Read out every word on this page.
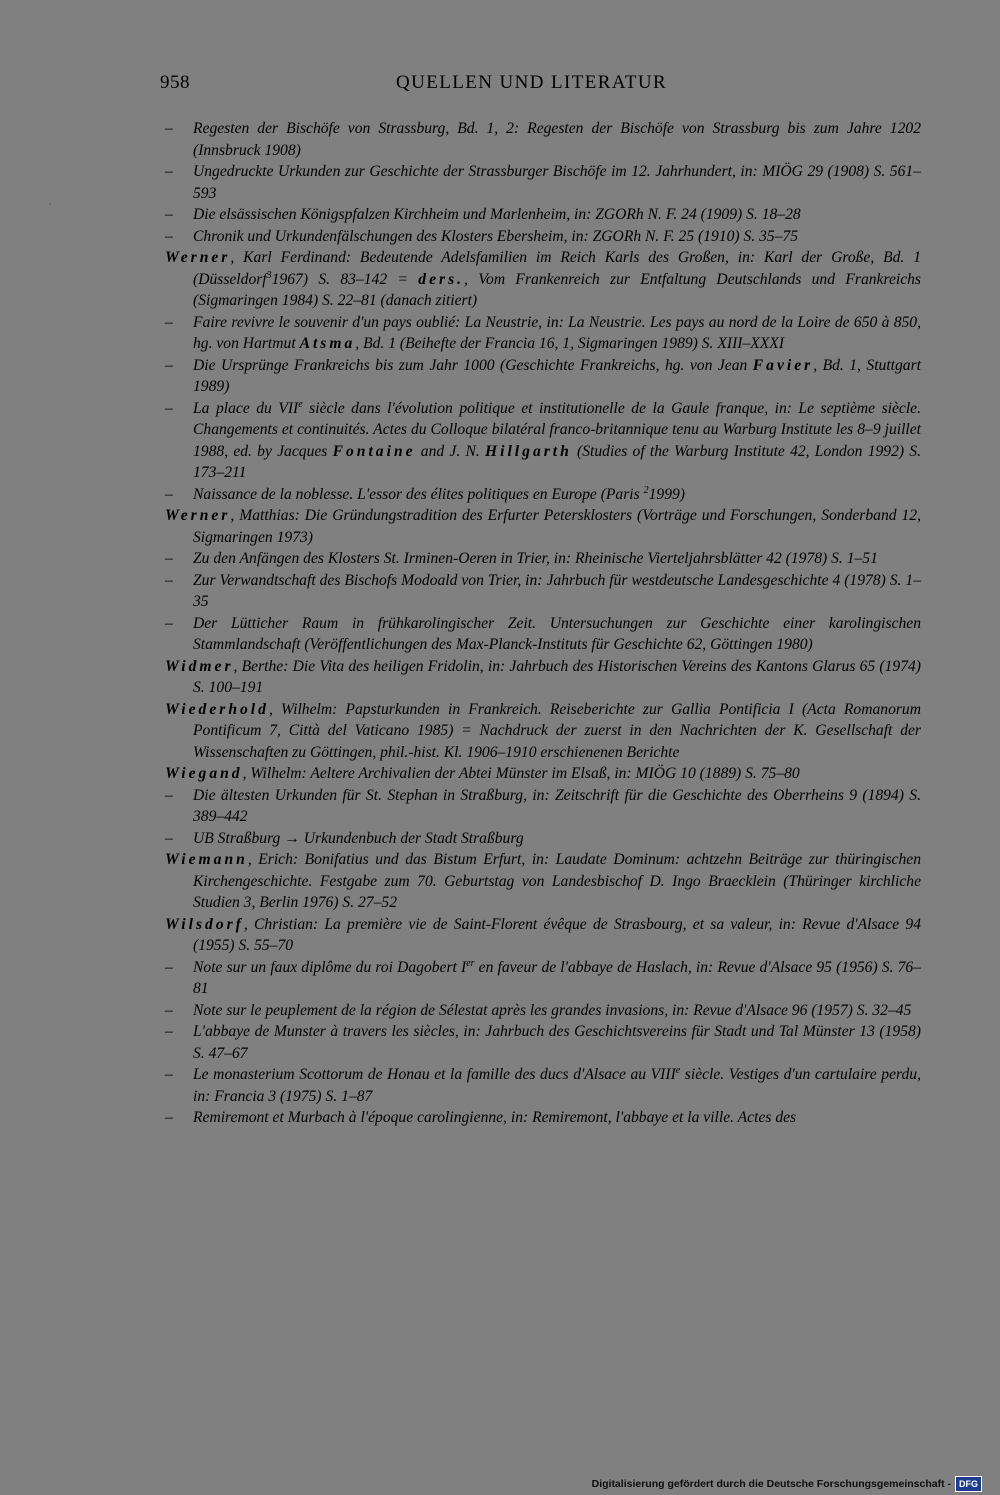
958	QUELLEN UND LITERATUR

– Regesten der Bischöfe von Strassburg, Bd. 1, 2: Regesten der Bischöfe von Strassburg bis zum Jahre 1202 (Innsbruck 1908)

– Ungedruckte Urkunden zur Geschichte der Strassburger Bischöfe im 12. Jahrhundert, in: MIÖG 29 (1908) S. 561–593

– Die elsässischen Königspfalzen Kirchheim und Marlenheim, in: ZGORh N. F. 24 (1909) S. 18–28

– Chronik und Urkundenfälschungen des Klosters Ebersheim, in: ZGORh N. F. 25 (1910) S. 35–75

Werner, Karl Ferdinand: Bedeutende Adelsfamilien im Reich Karls des Großen, in: Karl der Große, Bd. 1 (Düsseldorf$^3$1967) S. 83–142 = ders., Vom Frankenreich zur Entfaltung Deutschlands und Frankreichs (Sigmaringen 1984) S. 22–81 (danach zitiert)

– Faire revivre le souvenir d'un pays oublié: La Neustrie, in: La Neustrie. Les pays au nord de la Loire de 650 à 850, hg. von Hartmut Atsma, Bd. 1 (Beihefte der Francia 16, 1, Sigmaringen 1989) S. XIII–XXXI

– Die Ursprünge Frankreichs bis zum Jahr 1000 (Geschichte Frankreichs, hg. von Jean Favier, Bd. 1, Stuttgart 1989)

– La place du VIIe siècle dans l'évolution politique et institutionelle de la Gaule franque, in: Le septième siècle. Changements et continuités. Actes du Colloque bilatéral franco-britannique tenu au Warburg Institute les 8–9 juillet 1988, ed. by Jacques Fontaine and J. N. Hillgarth (Studies of the Warburg Institute 42, London 1992) S. 173–211

– Naissance de la noblesse. L'essor des élites politiques en Europe (Paris $^2$1999)

Werner, Matthias: Die Gründungstradition des Erfurter Petersklosters (Vorträge und Forschungen, Sonderband 12, Sigmaringen 1973)

– Zu den Anfängen des Klosters St. Irminen-Oeren in Trier, in: Rheinische Vierteljahrsblätter 42 (1978) S. 1–51

– Zur Verwandtschaft des Bischofs Modoald von Trier, in: Jahrbuch für westdeutsche Landesgeschichte 4 (1978) S. 1–35

– Der Lütticher Raum in frühkarolingischer Zeit. Untersuchungen zur Geschichte einer karolingischen Stammlandschaft (Veröffentlichungen des Max-Planck-Instituts für Geschichte 62, Göttingen 1980)

Widmer, Berthe: Die Vita des heiligen Fridolin, in: Jahrbuch des Historischen Vereins des Kantons Glarus 65 (1974) S. 100–191

Wiederhold, Wilhelm: Papsturkunden in Frankreich. Reiseberichte zur Gallia Pontificia I (Acta Romanorum Pontificum 7, Città del Vaticano 1985) = Nachdruck der zuerst in den Nachrichten der K. Gesellschaft der Wissenschaften zu Göttingen, phil.-hist. Kl. 1906–1910 erschienenen Berichte

Wiegand, Wilhelm: Aeltere Archivalien der Abtei Münster im Elsaß, in: MIÖG 10 (1889) S. 75–80

– Die ältesten Urkunden für St. Stephan in Straßburg, in: Zeitschrift für die Geschichte des Oberrheins 9 (1894) S. 389–442

– UB Straßburg → Urkundenbuch der Stadt Straßburg

Wiemann, Erich: Bonifatius und das Bistum Erfurt, in: Laudate Dominum: achtzehn Beiträge zur thüringischen Kirchengeschichte. Festgabe zum 70. Geburtstag von Landesbischof D. Ingo Braecklein (Thüringer kirchliche Studien 3, Berlin 1976) S. 27–52

Wilsdorf, Christian: La première vie de Saint-Florent évêque de Strasbourg, et sa valeur, in: Revue d'Alsace 94 (1955) S. 55–70

– Note sur un faux diplôme du roi Dagobert Ier en faveur de l'abbaye de Haslach, in: Revue d'Alsace 95 (1956) S. 76–81

– Note sur le peuplement de la région de Sélestat après les grandes invasions, in: Revue d'Alsace 96 (1957) S. 32–45

– L'abbaye de Munster à travers les siècles, in: Jahrbuch des Geschichtsvereins für Stadt und Tal Münster 13 (1958) S. 47–67

– Le monasterium Scottorum de Honau et la famille des ducs d'Alsace au VIIIe siècle. Vestiges d'un cartulaire perdu, in: Francia 3 (1975) S. 1–87

– Remiremont et Murbach à l'époque carolingienne, in: Remiremont, l'abbaye et la ville. Actes des

Digitalisierung gefördert durch die Deutsche Forschungsgemeinschaft - DFG
